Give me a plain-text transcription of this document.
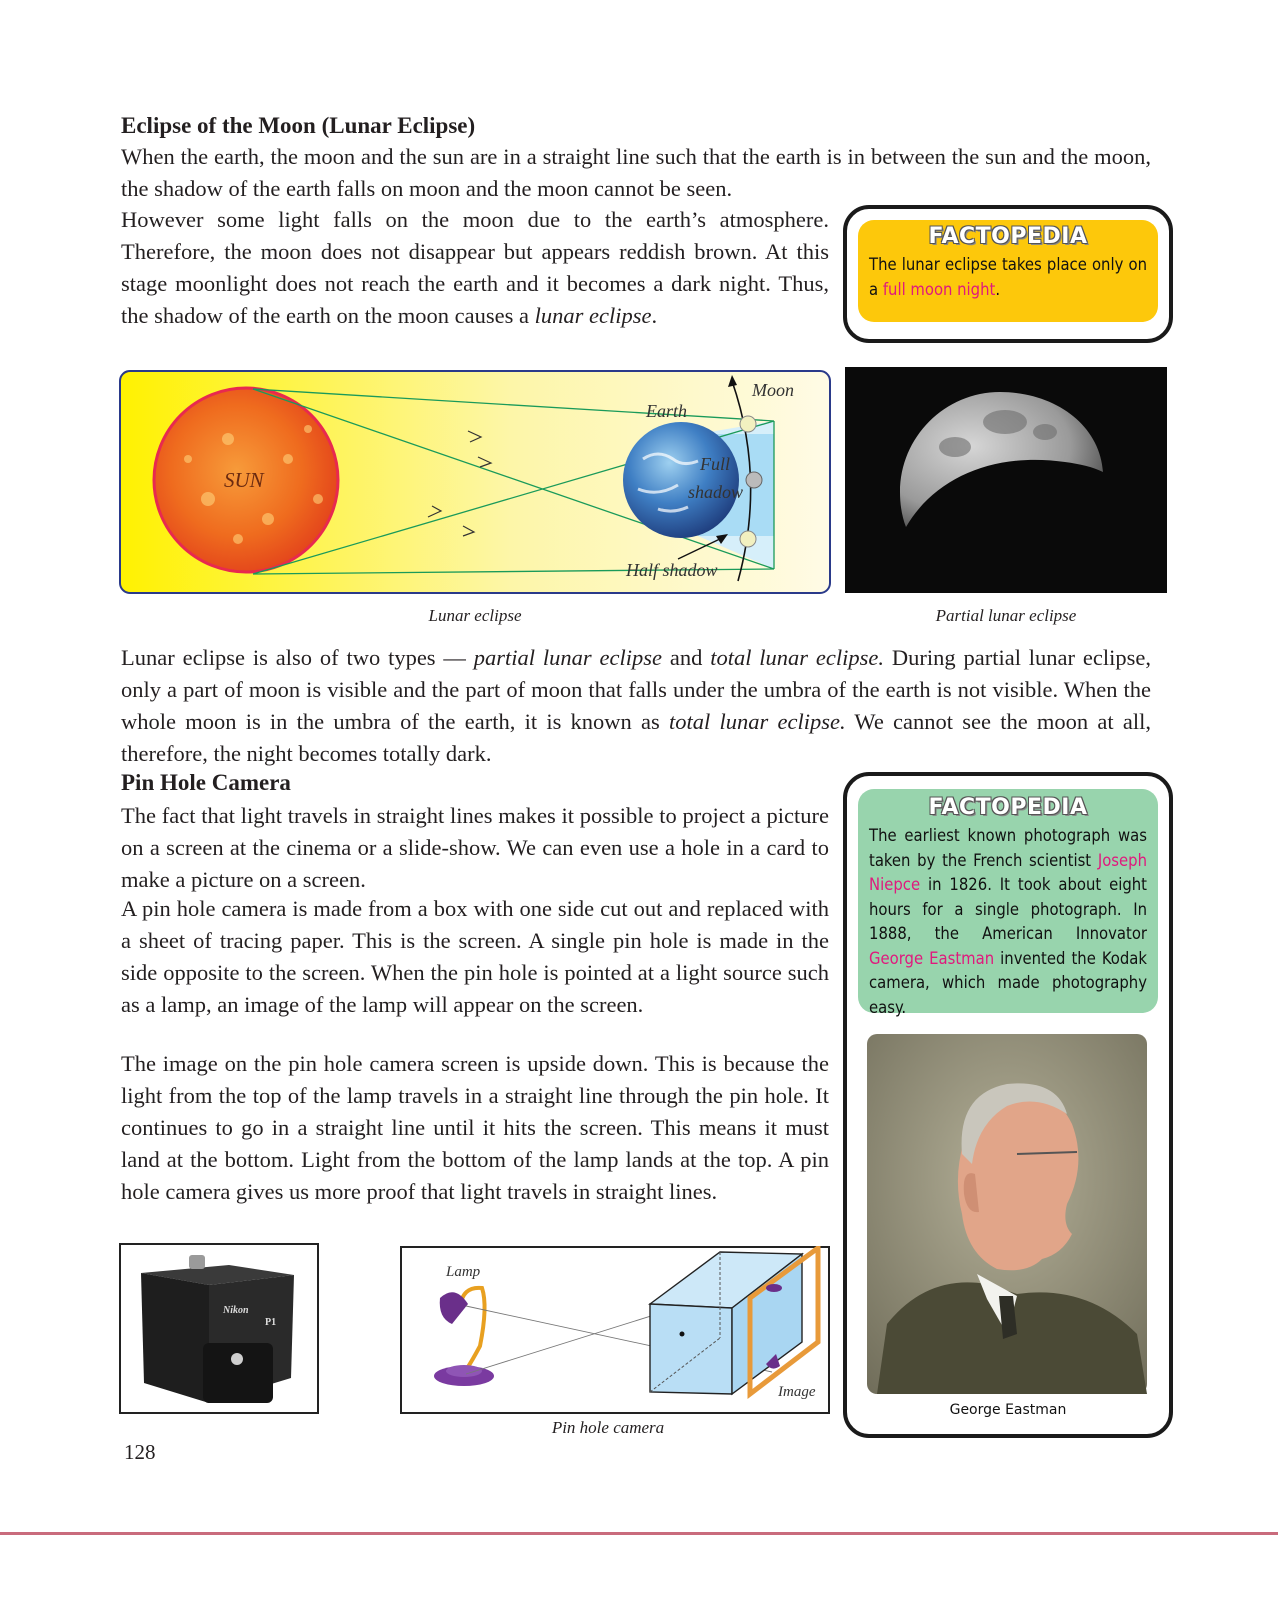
Eclipse of the Moon (Lunar Eclipse)

When the earth, the moon and the sun are in a straight line such that the earth is in between the sun and the moon, the shadow of the earth falls on moon and the moon cannot be seen.

However some light falls on the moon due to the earth’s atmosphere. Therefore, the moon does not disappear but appears reddish brown. At this stage moonlight does not reach the earth and it becomes a dark night. Thus, the shadow of the earth on the moon causes a lunar eclipse.

FACTOPEDIA

The lunar eclipse takes place only on a full moon night.

SUN
Earth
Full
shadow
Moon
Half shadow
Lunar eclipse	Partial lunar eclipse

Lunar eclipse is also of two types — partial lunar eclipse and total lunar eclipse. During partial lunar eclipse, only a part of moon is visible and the part of moon that falls under the umbra of the earth is not visible. When the whole moon is in the umbra of the earth, it is known as total lunar eclipse. We cannot see the moon at all, therefore, the night becomes totally dark.

Pin Hole Camera

The fact that light travels in straight lines makes it possible to project a picture on a screen at the cinema or a slide-show. We can even use a hole in a card to make a picture on a screen.

A pin hole camera is made from a box with one side cut out and replaced with a sheet of tracing paper. This is the screen. A single pin hole is made in the side opposite to the screen. When the pin hole is pointed at a light source such as a lamp, an image of the lamp will appear on the screen.

The image on the pin hole camera screen is upside down. This is because the light from the top of the lamp travels in a straight line through the pin hole. It continues to go in a straight line until it hits the screen. This means it must land at the bottom. Light from the bottom of the lamp lands at the top. A pin hole camera gives us more proof that light travels in straight lines.

FACTOPEDIA

The earliest known photograph was taken by the French scientist Joseph Niepce in 1826. It took about eight hours for a single photograph. In 1888, the American Innovator George Eastman invented the Kodak camera, which made photography easy.

George Eastman
Nikon
P1
Lamp
Image
Pin hole camera
128
